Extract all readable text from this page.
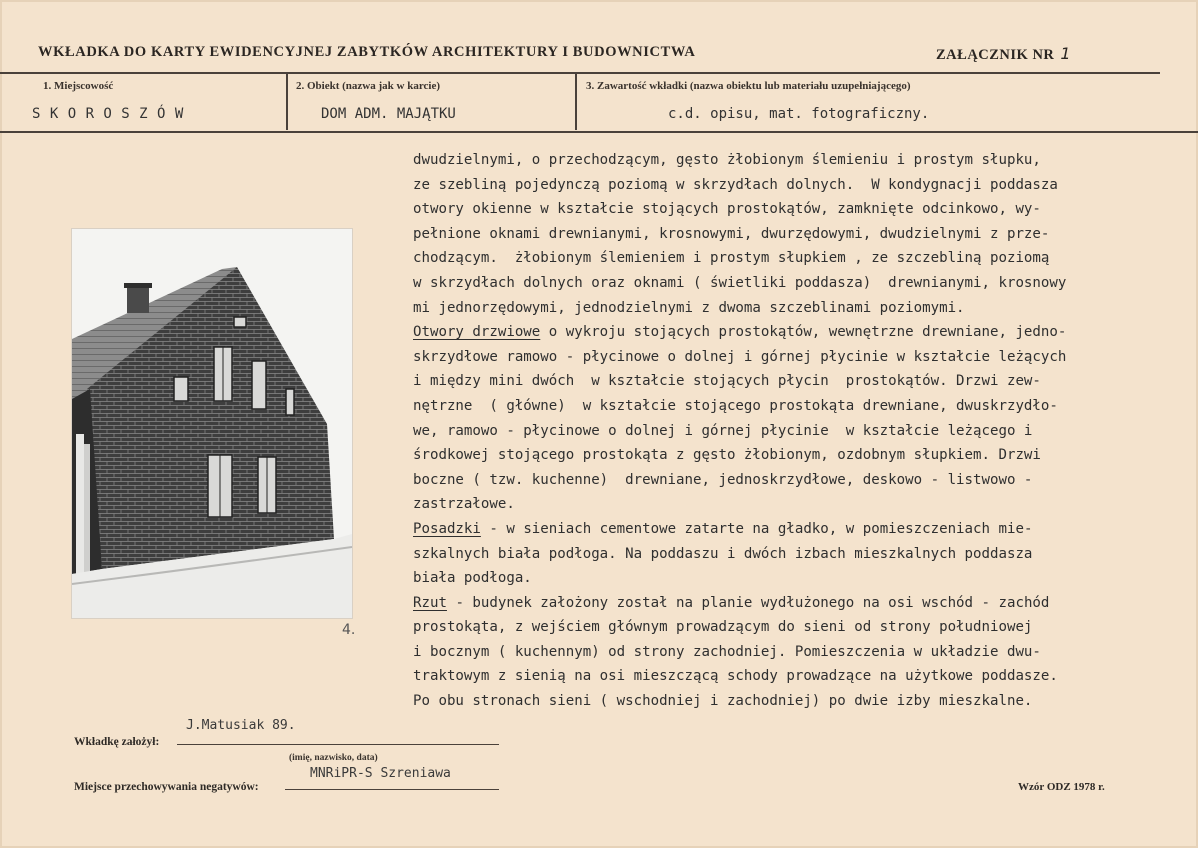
WKŁADKA DO KARTY EWIDENCYJNEJ ZABYTKÓW ARCHITEKTURY I BUDOWNICTWA	ZAŁĄCZNIK NR 1
1. Miejscowość
S K O R O S Z Ó W
2. Obiekt (nazwa jak w karcie)
DOM ADM. MAJĄTKU
3. Zawartość wkładki (nazwa obiektu lub materiału uzupełniającego)
c.d. opisu, mat. fotograficzny.
4.
dwudzielnymi, o przechodzącym, gęsto żłobionym ślemieniu i prostym słupku,
ze szebliną pojedynczą poziomą w skrzydłach dolnych.  W kondygnacji poddasza
otwory okienne w kształcie stojących prostokątów, zamknięte odcinkowo, wy-
pełnione oknami drewnianymi, krosnowymi, dwurzędowymi, dwudzielnymi z prze-
chodzącym.  żłobionym ślemieniem i prostym słupkiem , ze szczebliną poziomą
w skrzydłach dolnych oraz oknami ( świetliki poddasza)  drewnianymi, krosnowy
mi jednorzędowymi, jednodzielnymi z dwoma szczeblinami poziomymi.
Otwory drzwiowe o wykroju stojących prostokątów, wewnętrzne drewniane, jedno-
skrzydłowe ramowo - płycinowe o dolnej i górnej płycinie w kształcie leżących
i między mini dwóch  w kształcie stojących płycin  prostokątów. Drzwi zew-
nętrzne  ( główne)  w kształcie stojącego prostokąta drewniane, dwuskrzydło-
we, ramowo - płycinowe o dolnej i górnej płycinie  w kształcie leżącego i
środkowej stojącego prostokąta z gęsto żłobionym, ozdobnym słupkiem. Drzwi
boczne ( tzw. kuchenne)  drewniane, jednoskrzydłowe, deskowo - listwowo -
zastrzałowe.
Posadzki - w sieniach cementowe zatarte na gładko, w pomieszczeniach mie-
szkalnych biała podłoga. Na poddaszu i dwóch izbach mieszkalnych poddasza
biała podłoga.
Rzut - budynek założony został na planie wydłużonego na osi wschód - zachód
prostokąta, z wejściem głównym prowadzącym do sieni od strony południowej
i bocznym ( kuchennym) od strony zachodniej. Pomieszczenia w układzie dwu-
traktowym z sienią na osi mieszczącą schody prowadzące na użytkowe poddasze.
Po obu stronach sieni ( wschodniej i zachodniej) po dwie izby mieszkalne.
Wkładkę założył:
J.Matusiak 89.
(imię, nazwisko, data)
Miejsce przechowywania negatywów:
MNRiPR-S Szreniawa
Wzór ODZ 1978 r.
